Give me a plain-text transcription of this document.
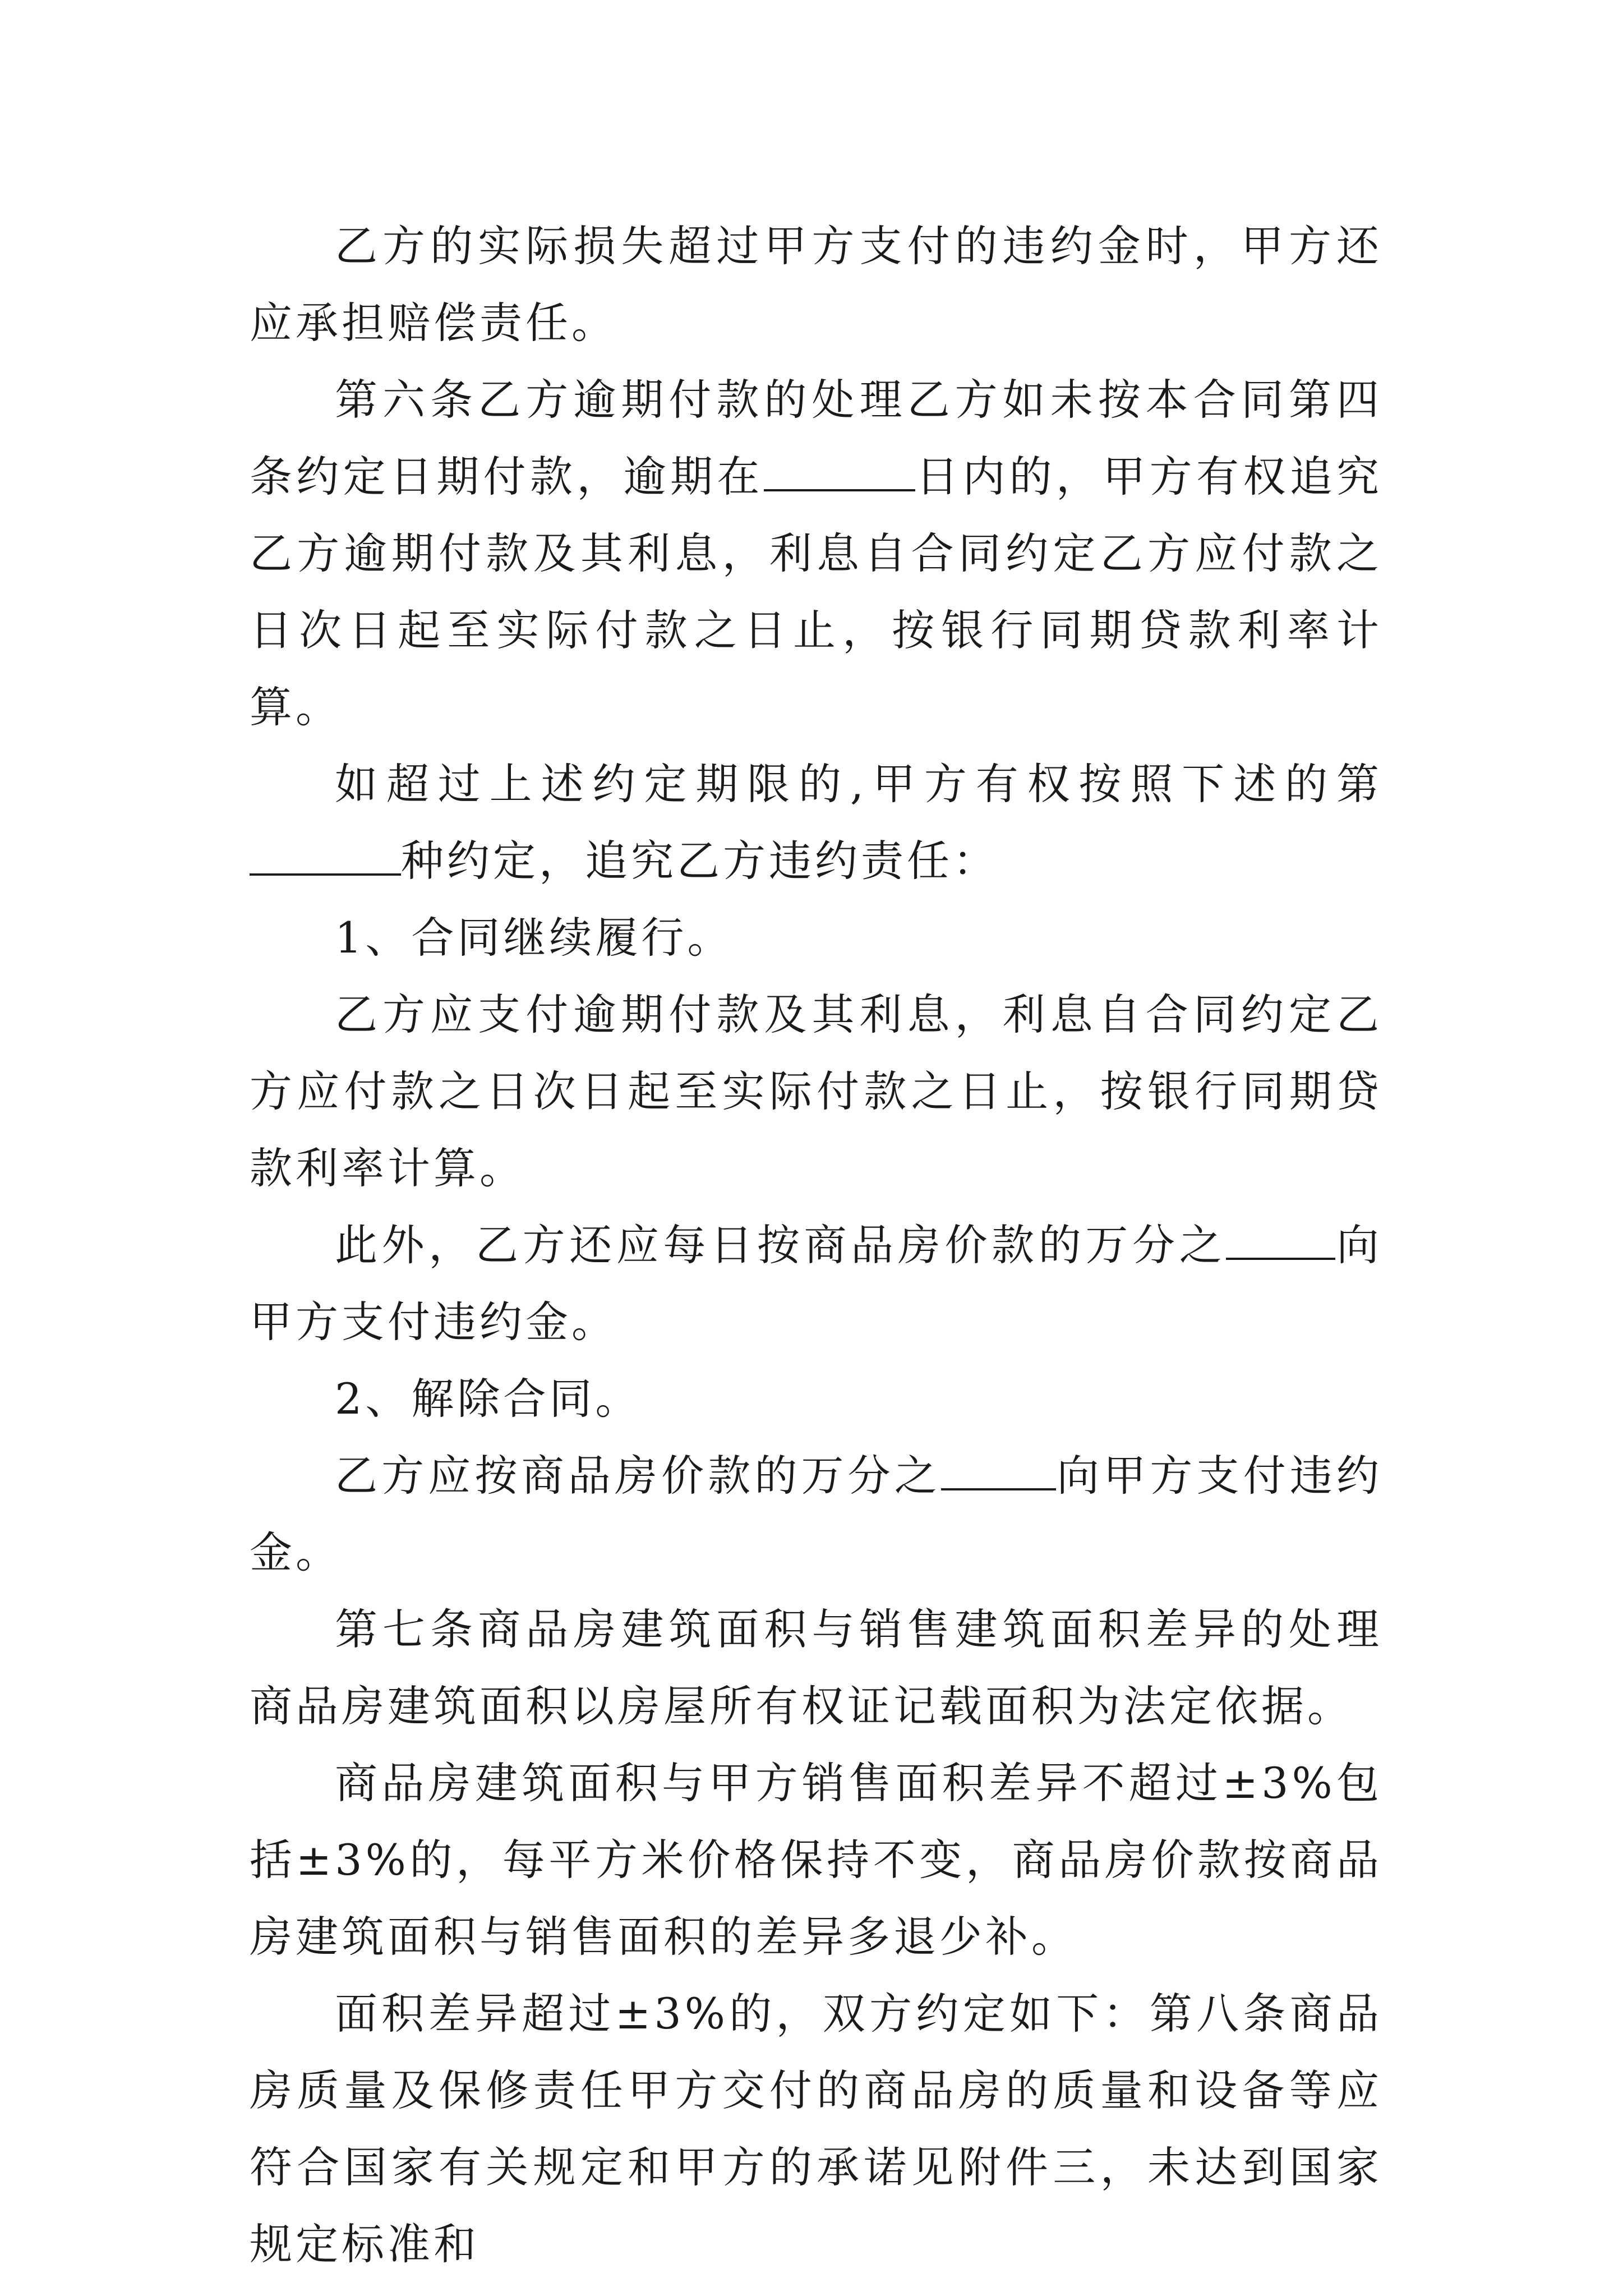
乙方的实际损失超过甲方支付的违约金时，甲方还应承担赔偿责任。

第六条乙方逾期付款的处理乙方如未按本合同第四条约定日期付款，逾期在	日内的，甲方有权追究乙方逾期付款及其利息，利息自合同约定乙方应付款之日次日起至实际付款之日止，按银行同期贷款利率计算。

如超过上述约定期限的,甲方有权按照下述的第种约定，追究乙方违约责任：

1、合同继续履行。

乙方应支付逾期付款及其利息，利息自合同约定乙方应付款之日次日起至实际付款之日止，按银行同期贷款利率计算。

此外，乙方还应每日按商品房价款的万分之	向甲方支付违约金。

2、解除合同。

乙方应按商品房价款的万分之	向甲方支付违约金。

第七条商品房建筑面积与销售建筑面积差异的处理商品房建筑面积以房屋所有权证记载面积为法定依据。

商品房建筑面积与甲方销售面积差异不超过±3%包括±3%的，每平方米价格保持不变，商品房价款按商品房建筑面积与销售面积的差异多退少补。

面积差异超过±3%的，双方约定如下：第八条商品房质量及保修责任甲方交付的商品房的质量和设备等应符合国家有关规定和甲方的承诺见附件三，未达到国家规定标准和
